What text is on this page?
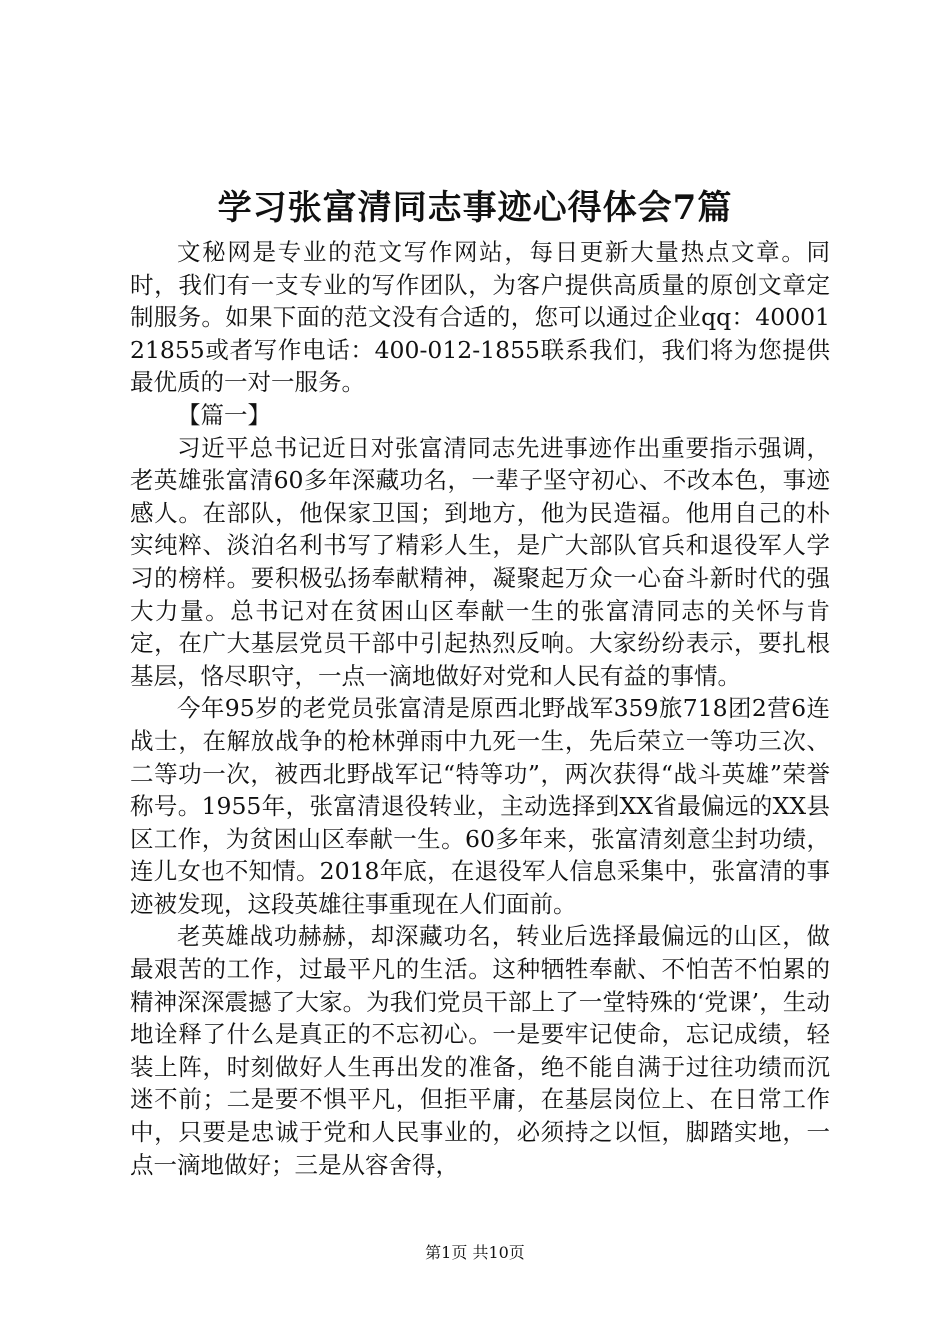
学习张富清同志事迹心得体会7篇

文秘网是专业的范文写作网站，每日更新大量热点文章。同时，我们有一支专业的写作团队，为客户提供高质量的原创文章定制服务。如果下面的范文没有合适的，您可以通过企业qq：4000121855或者写作电话：400-012-1855联系我们，我们将为您提供最优质的一对一服务。

【篇一】

习近平总书记近日对张富清同志先进事迹作出重要指示强调，老英雄张富清60多年深藏功名，一辈子坚守初心、不改本色，事迹感人。在部队，他保家卫国；到地方，他为民造福。他用自己的朴实纯粹、淡泊名利书写了精彩人生，是广大部队官兵和退役军人学习的榜样。要积极弘扬奉献精神，凝聚起万众一心奋斗新时代的强大力量。总书记对在贫困山区奉献一生的张富清同志的关怀与肯定，在广大基层党员干部中引起热烈反响。大家纷纷表示，要扎根基层，恪尽职守，一点一滴地做好对党和人民有益的事情。

今年95岁的老党员张富清是原西北野战军359旅718团2营6连战士，在解放战争的枪林弹雨中九死一生，先后荣立一等功三次、二等功一次，被西北野战军记“特等功”，两次获得“战斗英雄”荣誉称号。1955年，张富清退役转业，主动选择到XX省最偏远的XX县区工作，为贫困山区奉献一生。60多年来，张富清刻意尘封功绩，连儿女也不知情。2018年底，在退役军人信息采集中，张富清的事迹被发现，这段英雄往事重现在人们面前。

老英雄战功赫赫，却深藏功名，转业后选择最偏远的山区，做最艰苦的工作，过最平凡的生活。这种牺牲奉献、不怕苦不怕累的精神深深震撼了大家。为我们党员干部上了一堂特殊的‘党课’，生动地诠释了什么是真正的不忘初心。一是要牢记使命，忘记成绩，轻装上阵，时刻做好人生再出发的准备，绝不能自满于过往功绩而沉迷不前；二是要不惧平凡，但拒平庸，在基层岗位上、在日常工作中，只要是忠诚于党和人民事业的，必须持之以恒，脚踏实地，一点一滴地做好；三是从容舍得，

第1页 共10页
